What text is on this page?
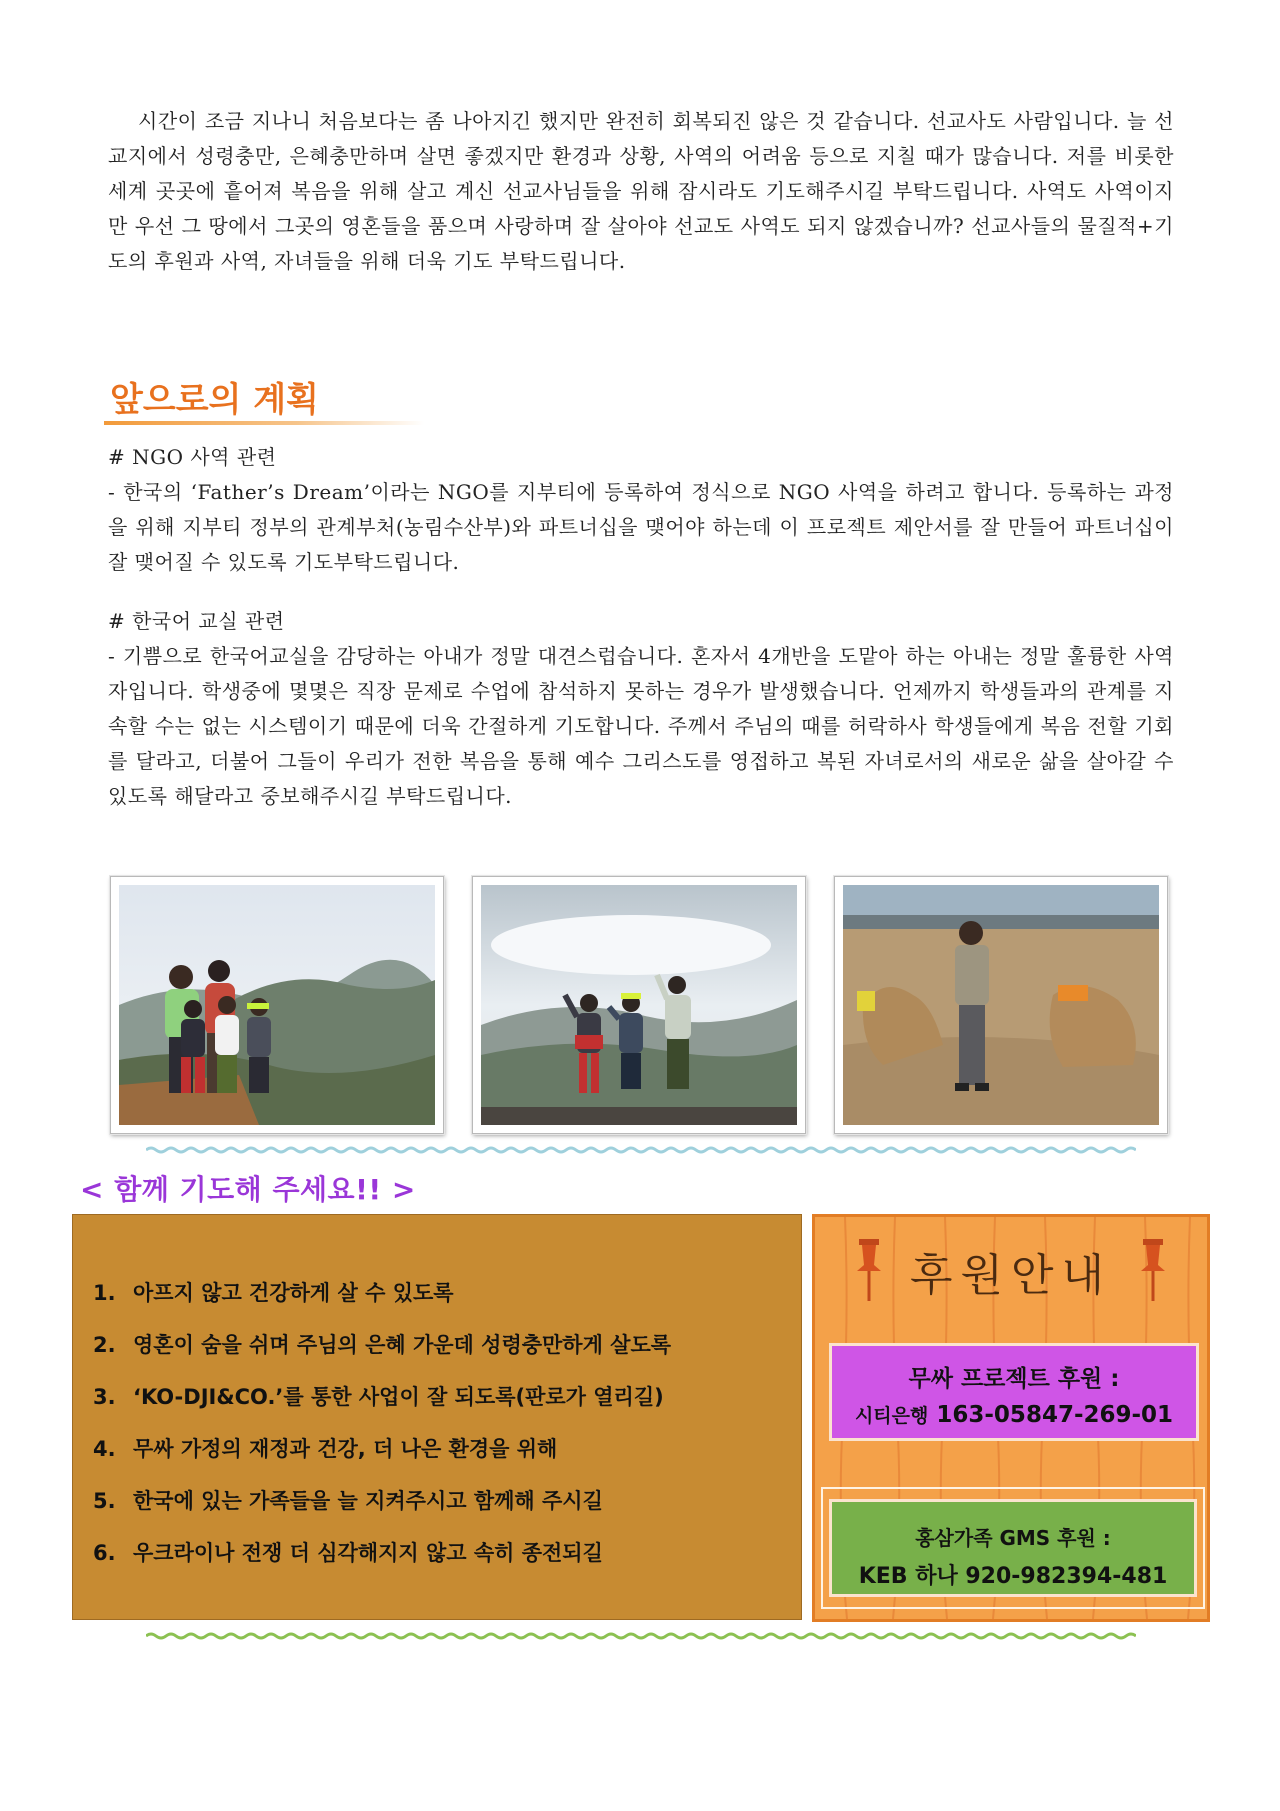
시간이 조금 지나니 처음보다는 좀 나아지긴 했지만 완전히 회복되진 않은 것 같습니다. 선교사도 사람입니다. 늘 선교지에서 성령충만, 은혜충만하며 살면 좋겠지만 환경과 상황, 사역의 어려움 등으로 지칠 때가 많습니다. 저를 비롯한 세계 곳곳에 흩어져 복음을 위해 살고 계신 선교사님들을 위해 잠시라도 기도해주시길 부탁드립니다. 사역도 사역이지만 우선 그 땅에서 그곳의 영혼들을 품으며 사랑하며 잘 살아야 선교도 사역도 되지 않겠습니까? 선교사들의 물질적+기도의 후원과 사역, 자녀들을 위해 더욱 기도 부탁드립니다.
앞으로의 계획
# NGO 사역 관련
- 한국의 ‘Father’s Dream’이라는 NGO를 지부티에 등록하여 정식으로 NGO 사역을 하려고 합니다. 등록하는 과정을 위해 지부티 정부의 관계부처(농림수산부)와 파트너십을 맺어야 하는데 이 프로젝트 제안서를 잘 만들어 파트너십이 잘 맺어질 수 있도록 기도부탁드립니다.
# 한국어 교실 관련
- 기쁨으로 한국어교실을 감당하는 아내가 정말 대견스럽습니다. 혼자서 4개반을 도맡아 하는 아내는 정말 훌륭한 사역자입니다. 학생중에 몇몇은 직장 문제로 수업에 참석하지 못하는 경우가 발생했습니다. 언제까지 학생들과의 관계를 지속할 수는 없는 시스템이기 때문에 더욱 간절하게 기도합니다. 주께서 주님의 때를 허락하사 학생들에게 복음 전할 기회를 달라고, 더불어 그들이 우리가 전한 복음을 통해 예수 그리스도를 영접하고 복된 자녀로서의 새로운 삶을 살아갈 수 있도록 해달라고 중보해주시길 부탁드립니다.
< 함께 기도해 주세요!! >
1. 아프지 않고 건강하게 살 수 있도록
2. 영혼이 숨을 쉬며 주님의 은혜 가운데 성령충만하게 살도록
3. ‘KO-DJI&CO.’를 통한 사업이 잘 되도록(판로가 열리길)
4. 무싸 가정의 재정과 건강, 더 나은 환경을 위해
5. 한국에 있는 가족들을 늘 지켜주시고 함께해 주시길
6. 우크라이나 전쟁 더 심각해지지 않고 속히 종전되길
후원안내
무싸 프로젝트 후원 :
시티은행 163-05847-269-01
홍삼가족 GMS 후원 :
KEB 하나 920-982394-481
